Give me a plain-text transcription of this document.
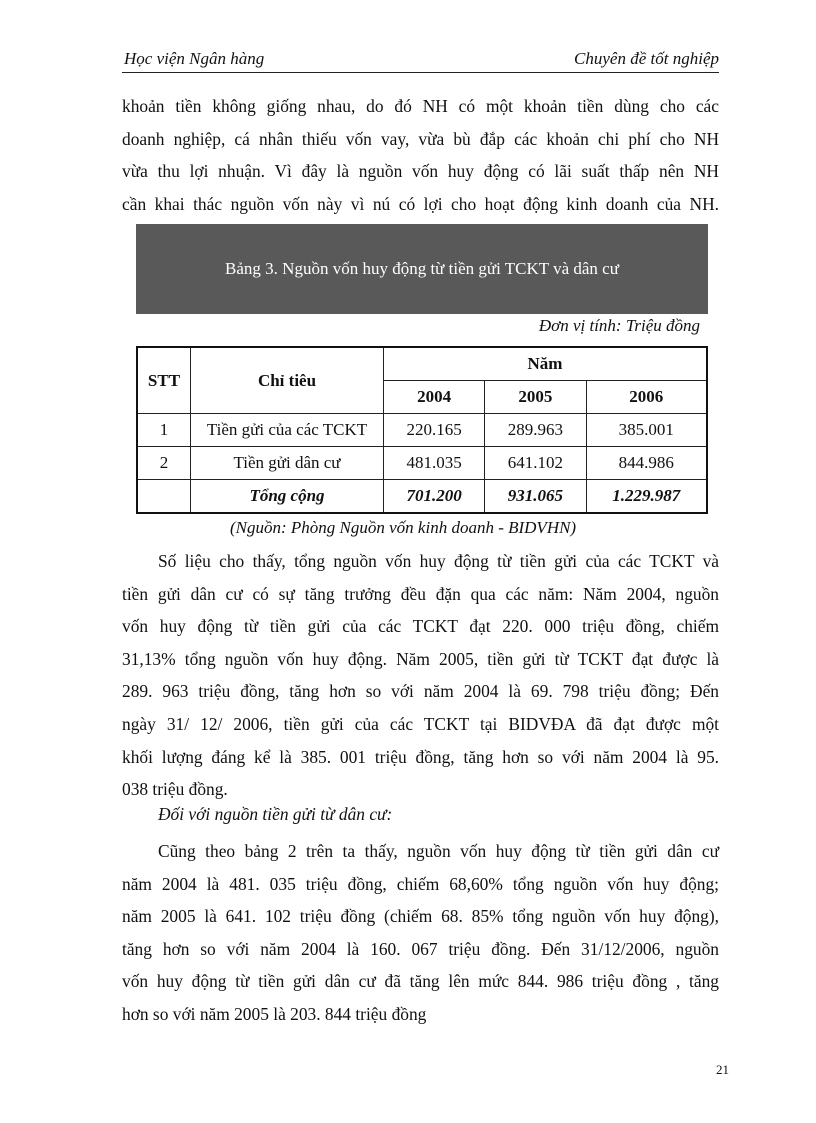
Học viện Ngân hàng	Chuyên đề tốt nghiệp
khoản tiền không giống nhau, do đó NH có một khoản tiền dùng cho các
doanh nghiệp, cá nhân thiếu vốn vay, vừa bù đắp các khoản chi phí cho NH
vừa thu lợi nhuận. Vì đây là nguồn vốn huy động có lãi suất thấp nên NH
cần khai thác nguồn vốn này vì nú có lợi cho hoạt động kinh doanh của NH.
Bảng 3. Nguồn vốn huy động từ tiền gửi TCKT và dân cư
Đơn vị tính: Triệu đồng
STT	Chỉ tiêu	Năm		
		2004	2005	2006
1	Tiền gửi của các TCKT	220.165	289.963	385.001
2	Tiền gửi dân cư	481.035	641.102	844.986
	Tổng cộng	701.200	931.065	1.229.987
(Nguồn: Phòng Nguồn vốn kinh doanh - BIDVHN)
Số liệu cho thấy, tổng nguồn vốn huy động từ tiền gửi của các TCKT và
tiền gửi dân cư có sự tăng trưởng đều đặn qua các năm: Năm 2004, nguồn
vốn huy động từ tiền gửi của các TCKT đạt 220. 000 triệu đồng, chiếm
31,13% tổng nguồn vốn huy động. Năm 2005, tiền gửi từ TCKT đạt được là
289. 963 triệu đồng, tăng hơn so với năm 2004 là 69. 798 triệu đồng; Đến
ngày 31/ 12/ 2006, tiền gửi của các TCKT tại BIDVĐA đã đạt được một
khối lượng đáng kể là 385. 001 triệu đồng, tăng hơn so với năm 2004 là 95.
038 triệu đồng.
Đối với nguồn tiền gửi từ dân cư:
Cũng theo bảng 2 trên ta thấy, nguồn vốn huy động từ tiền gửi dân cư
năm 2004 là 481. 035 triệu đồng, chiếm 68,60% tổng nguồn vốn huy động;
năm 2005 là 641. 102 triệu đồng (chiếm 68. 85% tổng nguồn vốn huy động),
tăng hơn so với năm 2004 là 160. 067 triệu đồng. Đến 31/12/2006, nguồn
vốn huy động từ tiền gửi dân cư đã tăng lên mức 844. 986 triệu đồng , tăng
hơn so với năm 2005 là 203. 844 triệu đồng
21
